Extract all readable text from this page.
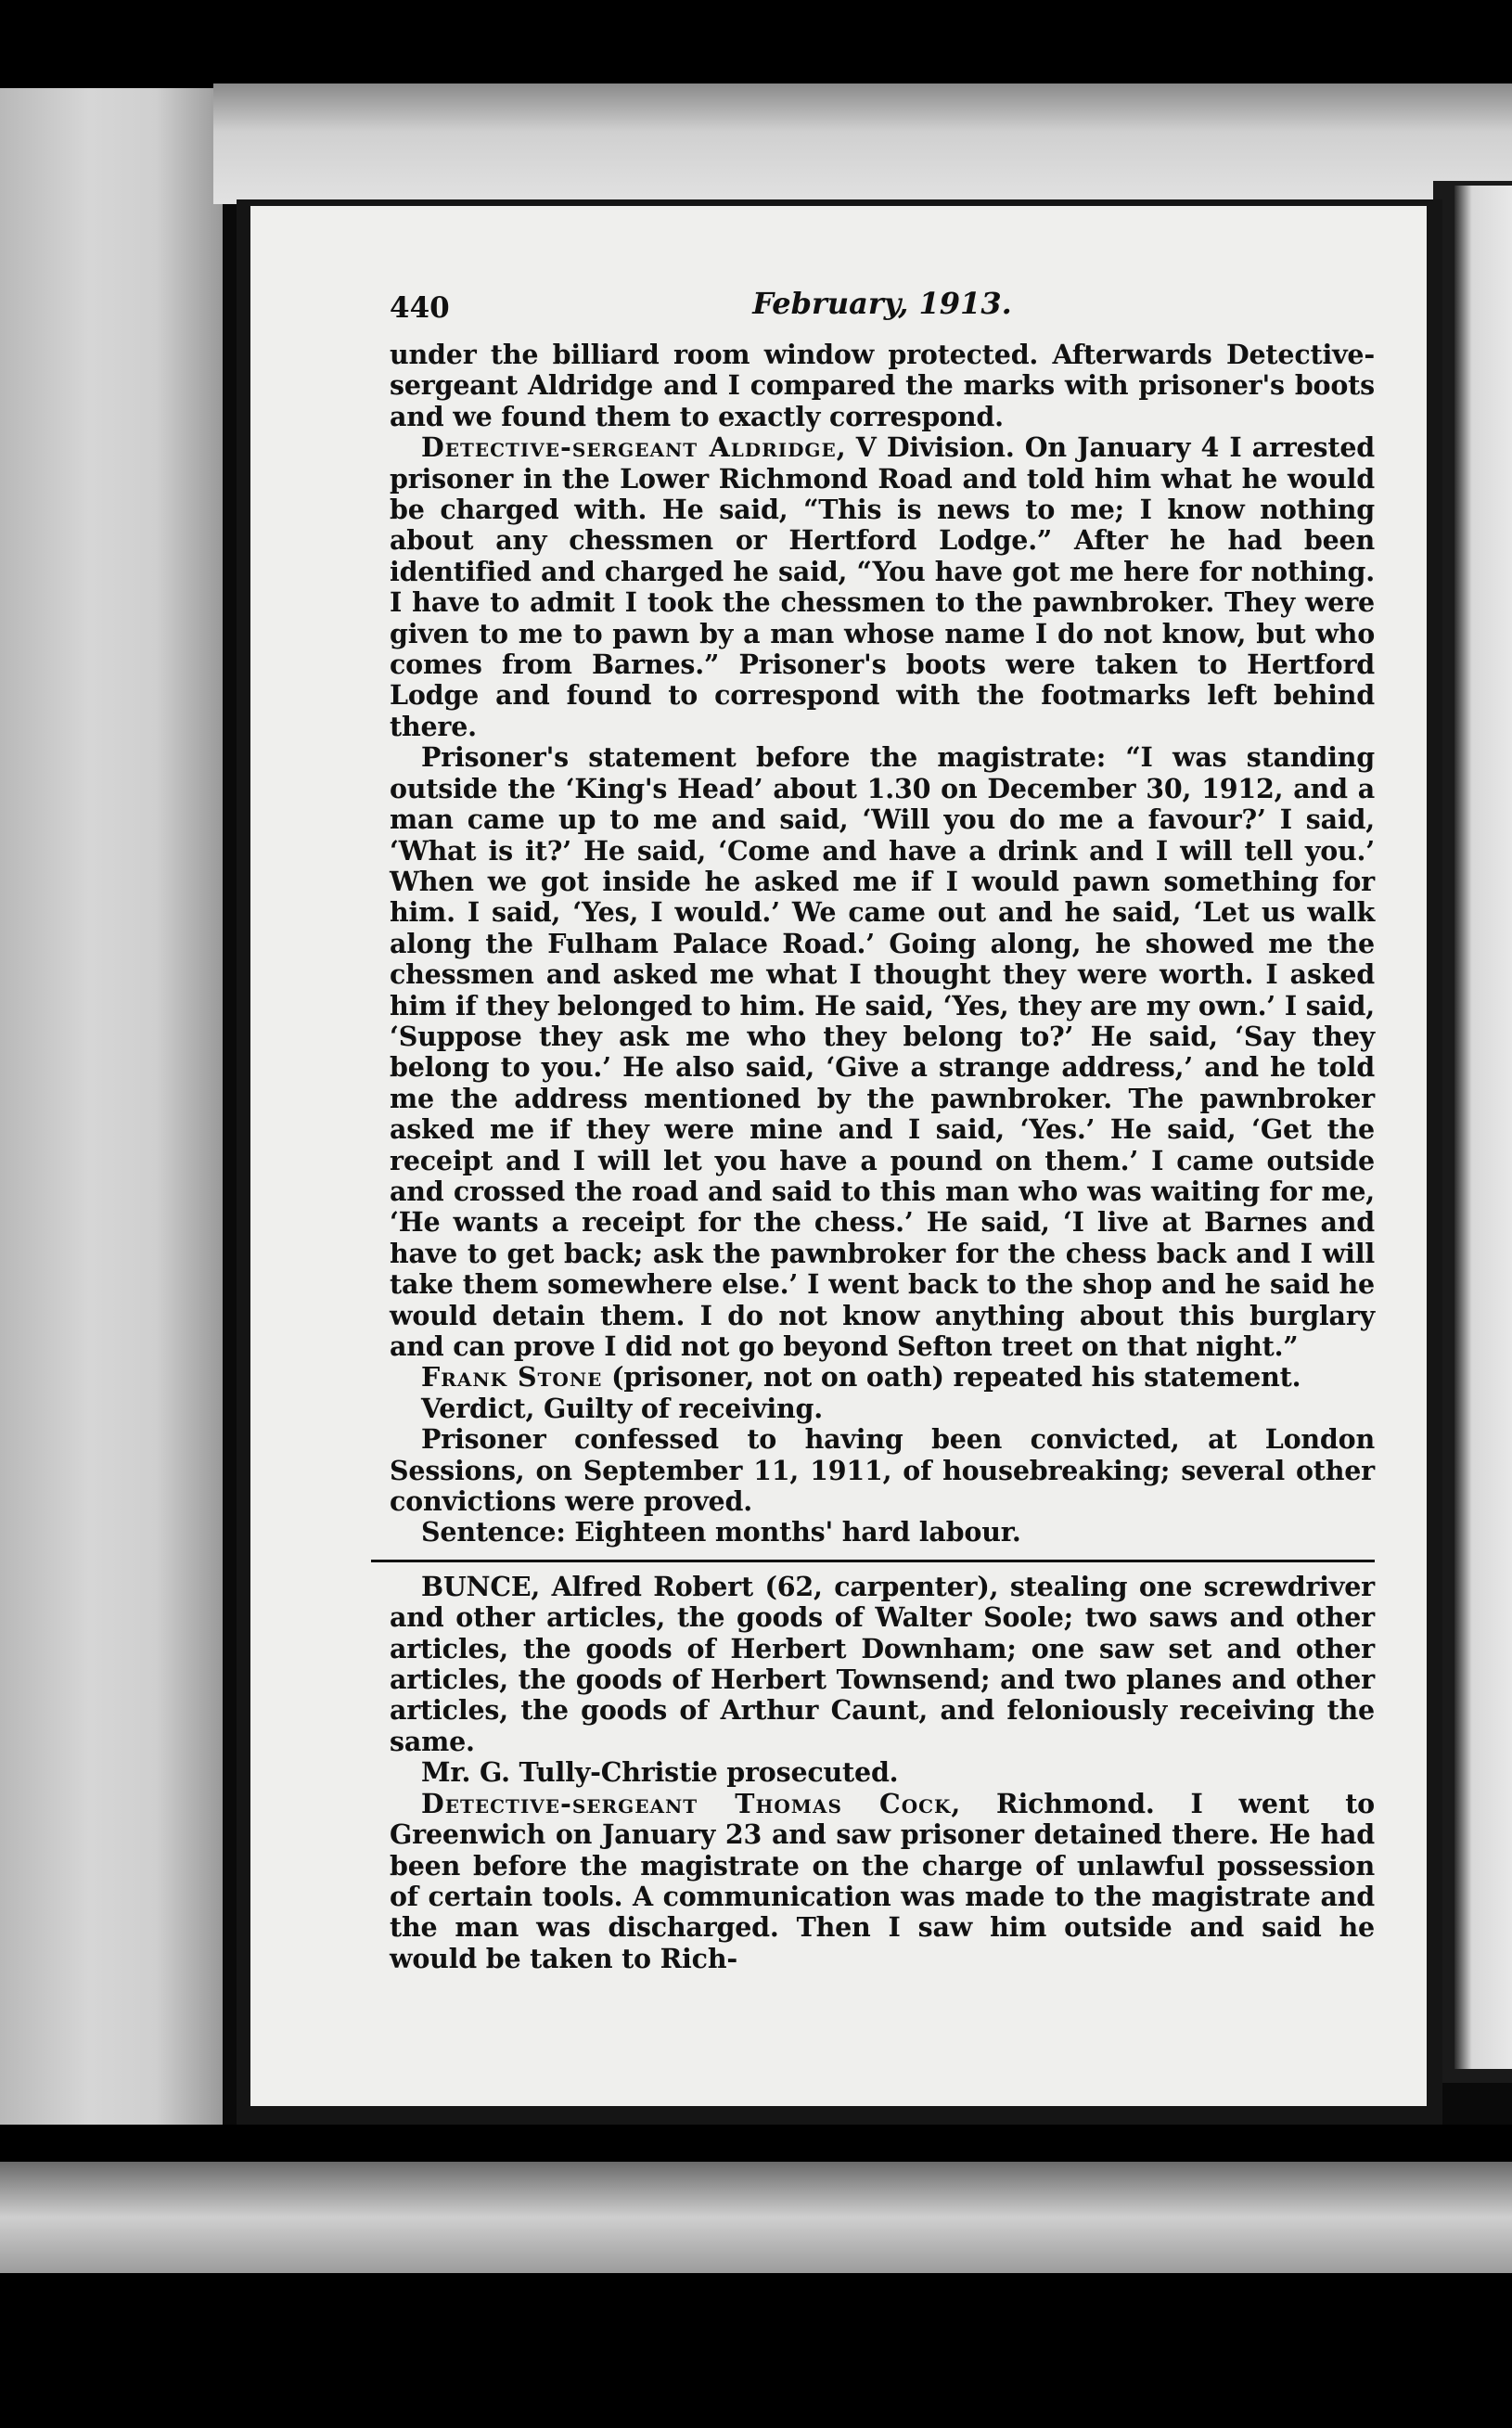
440	February, 1913.

under the billiard room window protected. Afterwards Detective-sergeant Aldridge and I compared the marks with prisoner's boots and we found them to exactly correspond.

Detective-sergeant Aldridge, V Division. On January 4 I arrested prisoner in the Lower Richmond Road and told him what he would be charged with. He said, “This is news to me; I know nothing about any chessmen or Hertford Lodge.” After he had been identified and charged he said, “You have got me here for nothing. I have to admit I took the chessmen to the pawnbroker. They were given to me to pawn by a man whose name I do not know, but who comes from Barnes.” Prisoner's boots were taken to Hertford Lodge and found to correspond with the footmarks left behind there.

Prisoner's statement before the magistrate: “I was standing outside the ‘King's Head’ about 1.30 on December 30, 1912, and a man came up to me and said, ‘Will you do me a favour?’ I said, ‘What is it?’ He said, ‘Come and have a drink and I will tell you.’ When we got inside he asked me if I would pawn something for him. I said, ‘Yes, I would.’ We came out and he said, ‘Let us walk along the Fulham Palace Road.’ Going along, he showed me the chessmen and asked me what I thought they were worth. I asked him if they belonged to him. He said, ‘Yes, they are my own.’ I said, ‘Suppose they ask me who they belong to?’ He said, ‘Say they belong to you.’ He also said, ‘Give a strange address,’ and he told me the address mentioned by the pawnbroker. The pawnbroker asked me if they were mine and I said, ‘Yes.’ He said, ‘Get the receipt and I will let you have a pound on them.’ I came outside and crossed the road and said to this man who was waiting for me, ‘He wants a receipt for the chess.’ He said, ‘I live at Barnes and have to get back; ask the pawnbroker for the chess back and I will take them somewhere else.’ I went back to the shop and he said he would detain them. I do not know anything about this burglary and can prove I did not go beyond Sefton treet on that night.”

Frank Stone (prisoner, not on oath) repeated his statement.

Verdict, Guilty of receiving.

Prisoner confessed to having been convicted, at London Sessions, on September 11, 1911, of housebreaking; several other convictions were proved.

Sentence: Eighteen months' hard labour.

BUNCE, Alfred Robert (62, carpenter), stealing one screwdriver and other articles, the goods of Walter Soole; two saws and other articles, the goods of Herbert Downham; one saw set and other articles, the goods of Herbert Townsend; and two planes and other articles, the goods of Arthur Caunt, and feloniously receiving the same.

Mr. G. Tully-Christie prosecuted.

Detective-sergeant Thomas Cock, Richmond. I went to Greenwich on January 23 and saw prisoner detained there. He had been before the magistrate on the charge of unlawful possession of certain tools. A communication was made to the magistrate and the man was discharged. Then I saw him outside and said he would be taken to Rich-
